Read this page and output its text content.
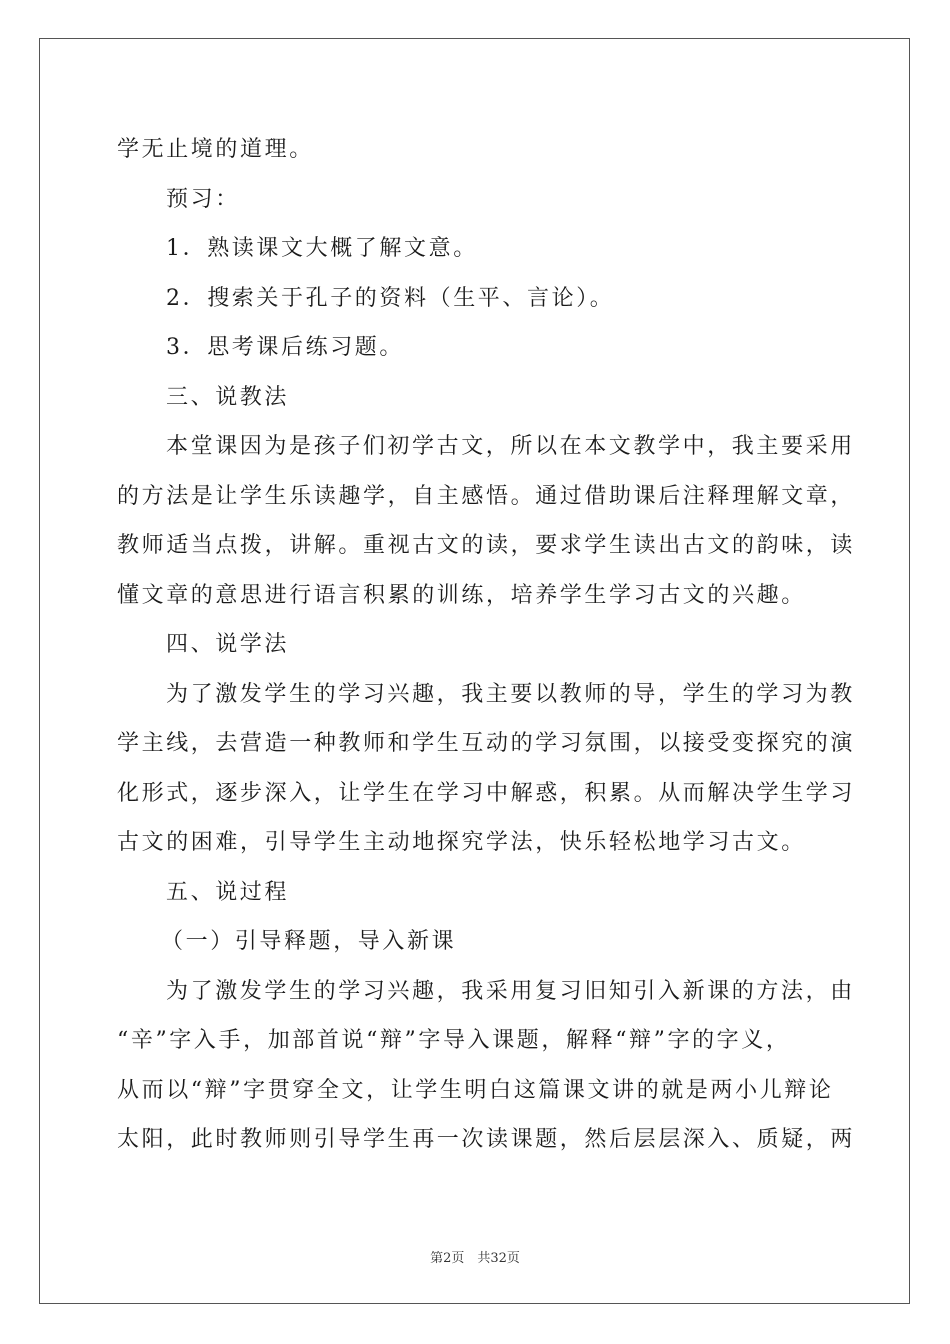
学无止境的道理。
预习：
1．熟读课文大概了解文意。
2．搜索关于孔子的资料（生平、言论）。
3．思考课后练习题。
三、说教法
本堂课因为是孩子们初学古文，所以在本文教学中，我主要采用
的方法是让学生乐读趣学，自主感悟。通过借助课后注释理解文章，
教师适当点拨，讲解。重视古文的读，要求学生读出古文的韵味，读
懂文章的意思进行语言积累的训练，培养学生学习古文的兴趣。
四、说学法
为了激发学生的学习兴趣，我主要以教师的导，学生的学习为教
学主线，去营造一种教师和学生互动的学习氛围，以接受变探究的演
化形式，逐步深入，让学生在学习中解惑，积累。从而解决学生学习
古文的困难，引导学生主动地探究学法，快乐轻松地学习古文。
五、说过程
（一）引导释题，导入新课
为了激发学生的学习兴趣，我采用复习旧知引入新课的方法，由
“辛”字入手，加部首说“辩”字导入课题，解释“辩”字的字义，
从而以“辩”字贯穿全文，让学生明白这篇课文讲的就是两小儿辩论
太阳，此时教师则引导学生再一次读课题，然后层层深入、质疑，两
第2页　共32页
